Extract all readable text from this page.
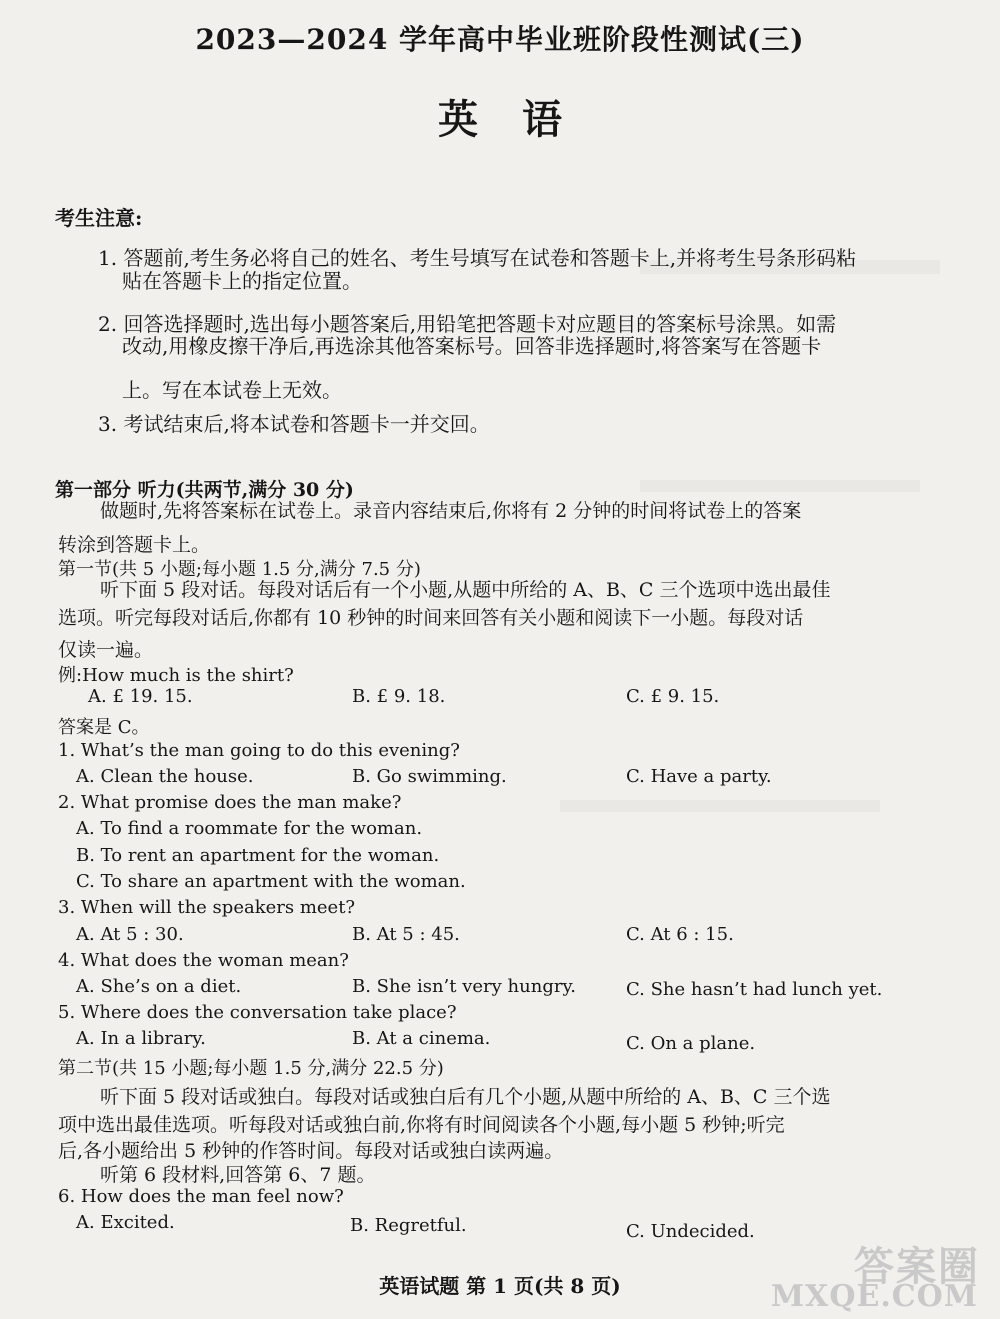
2023—2024 学年高中毕业班阶段性测试(三)
英语
考生注意:
1. 答题前,考生务必将自己的姓名、考生号填写在试卷和答题卡上,并将考生号条形码粘
贴在答题卡上的指定位置。
2. 回答选择题时,选出每小题答案后,用铅笔把答题卡对应题目的答案标号涂黑。如需
改动,用橡皮擦干净后,再选涂其他答案标号。回答非选择题时,将答案写在答题卡
上。写在本试卷上无效。
3. 考试结束后,将本试卷和答题卡一并交回。
第一部分 听力(共两节,满分 30 分)
做题时,先将答案标在试卷上。录音内容结束后,你将有 2 分钟的时间将试卷上的答案
转涂到答题卡上。
第一节(共 5 小题;每小题 1.5 分,满分 7.5 分)
听下面 5 段对话。每段对话后有一个小题,从题中所给的 A、B、C 三个选项中选出最佳
选项。听完每段对话后,你都有 10 秒钟的时间来回答有关小题和阅读下一小题。每段对话
仅读一遍。
例:How much is the shirt?
A. £ 19. 15.	B. £ 9. 18.	C. £ 9. 15.
答案是 C。
1. What’s the man going to do this evening?
A. Clean the house.	B. Go swimming.	C. Have a party.
2. What promise does the man make?
A. To find a roommate for the woman.
B. To rent an apartment for the woman.
C. To share an apartment with the woman.
3. When will the speakers meet?
A. At 5 : 30.	B. At 5 : 45.	C. At 6 : 15.
4. What does the woman mean?
A. She’s on a diet.	B. She isn’t very hungry.	C. She hasn’t had lunch yet.
5. Where does the conversation take place?
A. In a library.	B. At a cinema.	C. On a plane.
第二节(共 15 小题;每小题 1.5 分,满分 22.5 分)
听下面 5 段对话或独白。每段对话或独白后有几个小题,从题中所给的 A、B、C 三个选
项中选出最佳选项。听每段对话或独白前,你将有时间阅读各个小题,每小题 5 秒钟;听完
后,各小题给出 5 秒钟的作答时间。每段对话或独白读两遍。
听第 6 段材料,回答第 6、7 题。
6. How does the man feel now?
A. Excited.	B. Regretful.	C. Undecided.
英语试题 第 1 页(共 8 页)	答案圈
MXQE.COM
